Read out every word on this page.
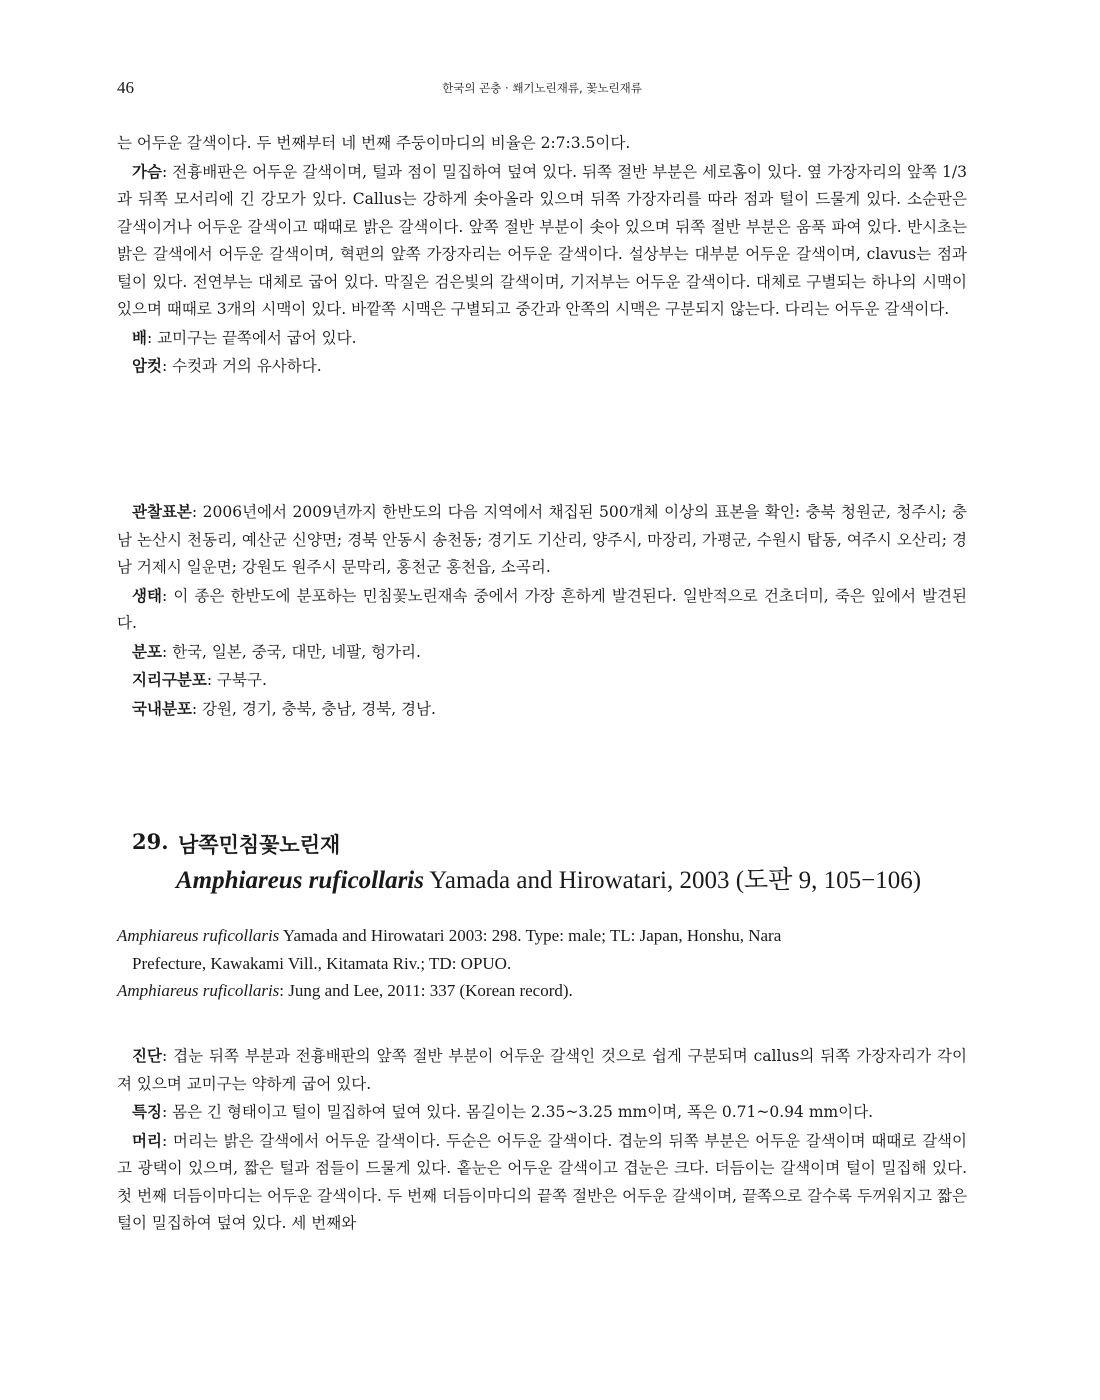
46	한국의 곤충 · 쐐기노린재류, 꽃노린재류

는 어두운 갈색이다. 두 번째부터 네 번째 주둥이마디의 비율은 2:7:3.5이다.

가슴: 전흉배판은 어두운 갈색이며, 털과 점이 밀집하여 덮여 있다. 뒤쪽 절반 부분은 세로홈이 있다. 옆 가장자리의 앞쪽 1/3과 뒤쪽 모서리에 긴 강모가 있다. Callus는 강하게 솟아올라 있으며 뒤쪽 가장자리를 따라 점과 털이 드물게 있다. 소순판은 갈색이거나 어두운 갈색이고 때때로 밝은 갈색이다. 앞쪽 절반 부분이 솟아 있으며 뒤쪽 절반 부분은 움푹 파여 있다. 반시초는 밝은 갈색에서 어두운 갈색이며, 혁편의 앞쪽 가장자리는 어두운 갈색이다. 설상부는 대부분 어두운 갈색이며, clavus는 점과 털이 있다. 전연부는 대체로 굽어 있다. 막질은 검은빛의 갈색이며, 기저부는 어두운 갈색이다. 대체로 구별되는 하나의 시맥이 있으며 때때로 3개의 시맥이 있다. 바깥쪽 시맥은 구별되고 중간과 안쪽의 시맥은 구분되지 않는다. 다리는 어두운 갈색이다.

배: 교미구는 끝쪽에서 굽어 있다.

암컷: 수컷과 거의 유사하다.

관찰표본: 2006년에서 2009년까지 한반도의 다음 지역에서 채집된 500개체 이상의 표본을 확인: 충북 청원군, 청주시; 충남 논산시 천동리, 예산군 신양면; 경북 안동시 송천동; 경기도 기산리, 양주시, 마장리, 가평군, 수원시 탑동, 여주시 오산리; 경남 거제시 일운면; 강원도 원주시 문막리, 홍천군 홍천읍, 소곡리.

생태: 이 종은 한반도에 분포하는 민침꽃노린재속 중에서 가장 흔하게 발견된다. 일반적으로 건초더미, 죽은 잎에서 발견된다.

분포: 한국, 일본, 중국, 대만, 네팔, 헝가리.

지리구분포: 구북구.

국내분포: 강원, 경기, 충북, 충남, 경북, 경남.

29. 남쪽민침꽃노린재
Amphiareus ruficollaris Yamada and Hirowatari, 2003 (도판 9, 105−106)

Amphiareus ruficollaris Yamada and Hirowatari 2003: 298. Type: male; TL: Japan, Honshu, Nara

Prefecture, Kawakami Vill., Kitamata Riv.; TD: OPUO.

Amphiareus ruficollaris: Jung and Lee, 2011: 337 (Korean record).

진단: 겹눈 뒤쪽 부분과 전흉배판의 앞쪽 절반 부분이 어두운 갈색인 것으로 쉽게 구분되며 callus의 뒤쪽 가장자리가 각이 져 있으며 교미구는 약하게 굽어 있다.

특징: 몸은 긴 형태이고 털이 밀집하여 덮여 있다. 몸길이는 2.35~3.25 mm이며, 폭은 0.71~0.94 mm이다.

머리: 머리는 밝은 갈색에서 어두운 갈색이다. 두순은 어두운 갈색이다. 겹눈의 뒤쪽 부분은 어두운 갈색이며 때때로 갈색이고 광택이 있으며, 짧은 털과 점들이 드물게 있다. 홑눈은 어두운 갈색이고 겹눈은 크다. 더듬이는 갈색이며 털이 밀집해 있다. 첫 번째 더듬이마디는 어두운 갈색이다. 두 번째 더듬이마디의 끝쪽 절반은 어두운 갈색이며, 끝쪽으로 갈수록 두꺼워지고 짧은 털이 밀집하여 덮여 있다. 세 번째와
